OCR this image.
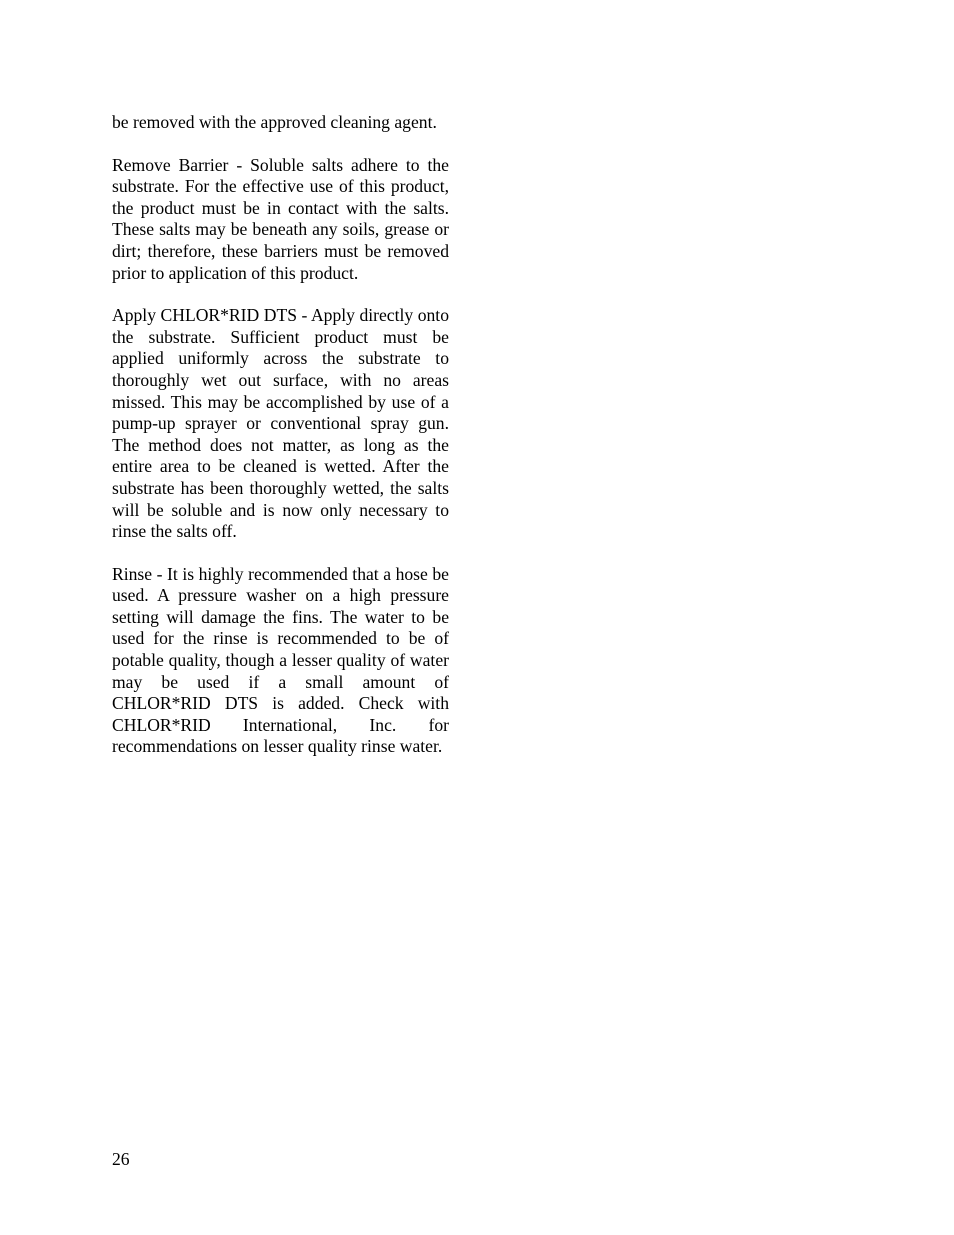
be removed with the approved cleaning agent.

Remove Barrier - Soluble salts adhere to the substrate. For the effective use of this product, the product must be in contact with the salts. These salts may be beneath any soils, grease or dirt; therefore, these barriers must be removed prior to application of this product.

Apply CHLOR*RID DTS - Apply directly onto the substrate. Sufficient product must be applied uniformly across the substrate to thoroughly wet out surface, with no areas missed. This may be accomplished by use of a pump-up sprayer or conventional spray gun. The method does not matter, as long as the entire area to be cleaned is wetted. After the substrate has been thoroughly wetted, the salts will be soluble and is now only necessary to rinse the salts off.

Rinse - It is highly recommended that a hose be used. A pressure washer on a high pressure setting will damage the fins. The water to be used for the rinse is recommended to be of potable quality, though a lesser quality of water may be used if a small amount of CHLOR*RID DTS is added. Check with CHLOR*RID International, Inc. for recommendations on lesser quality rinse water.

26
